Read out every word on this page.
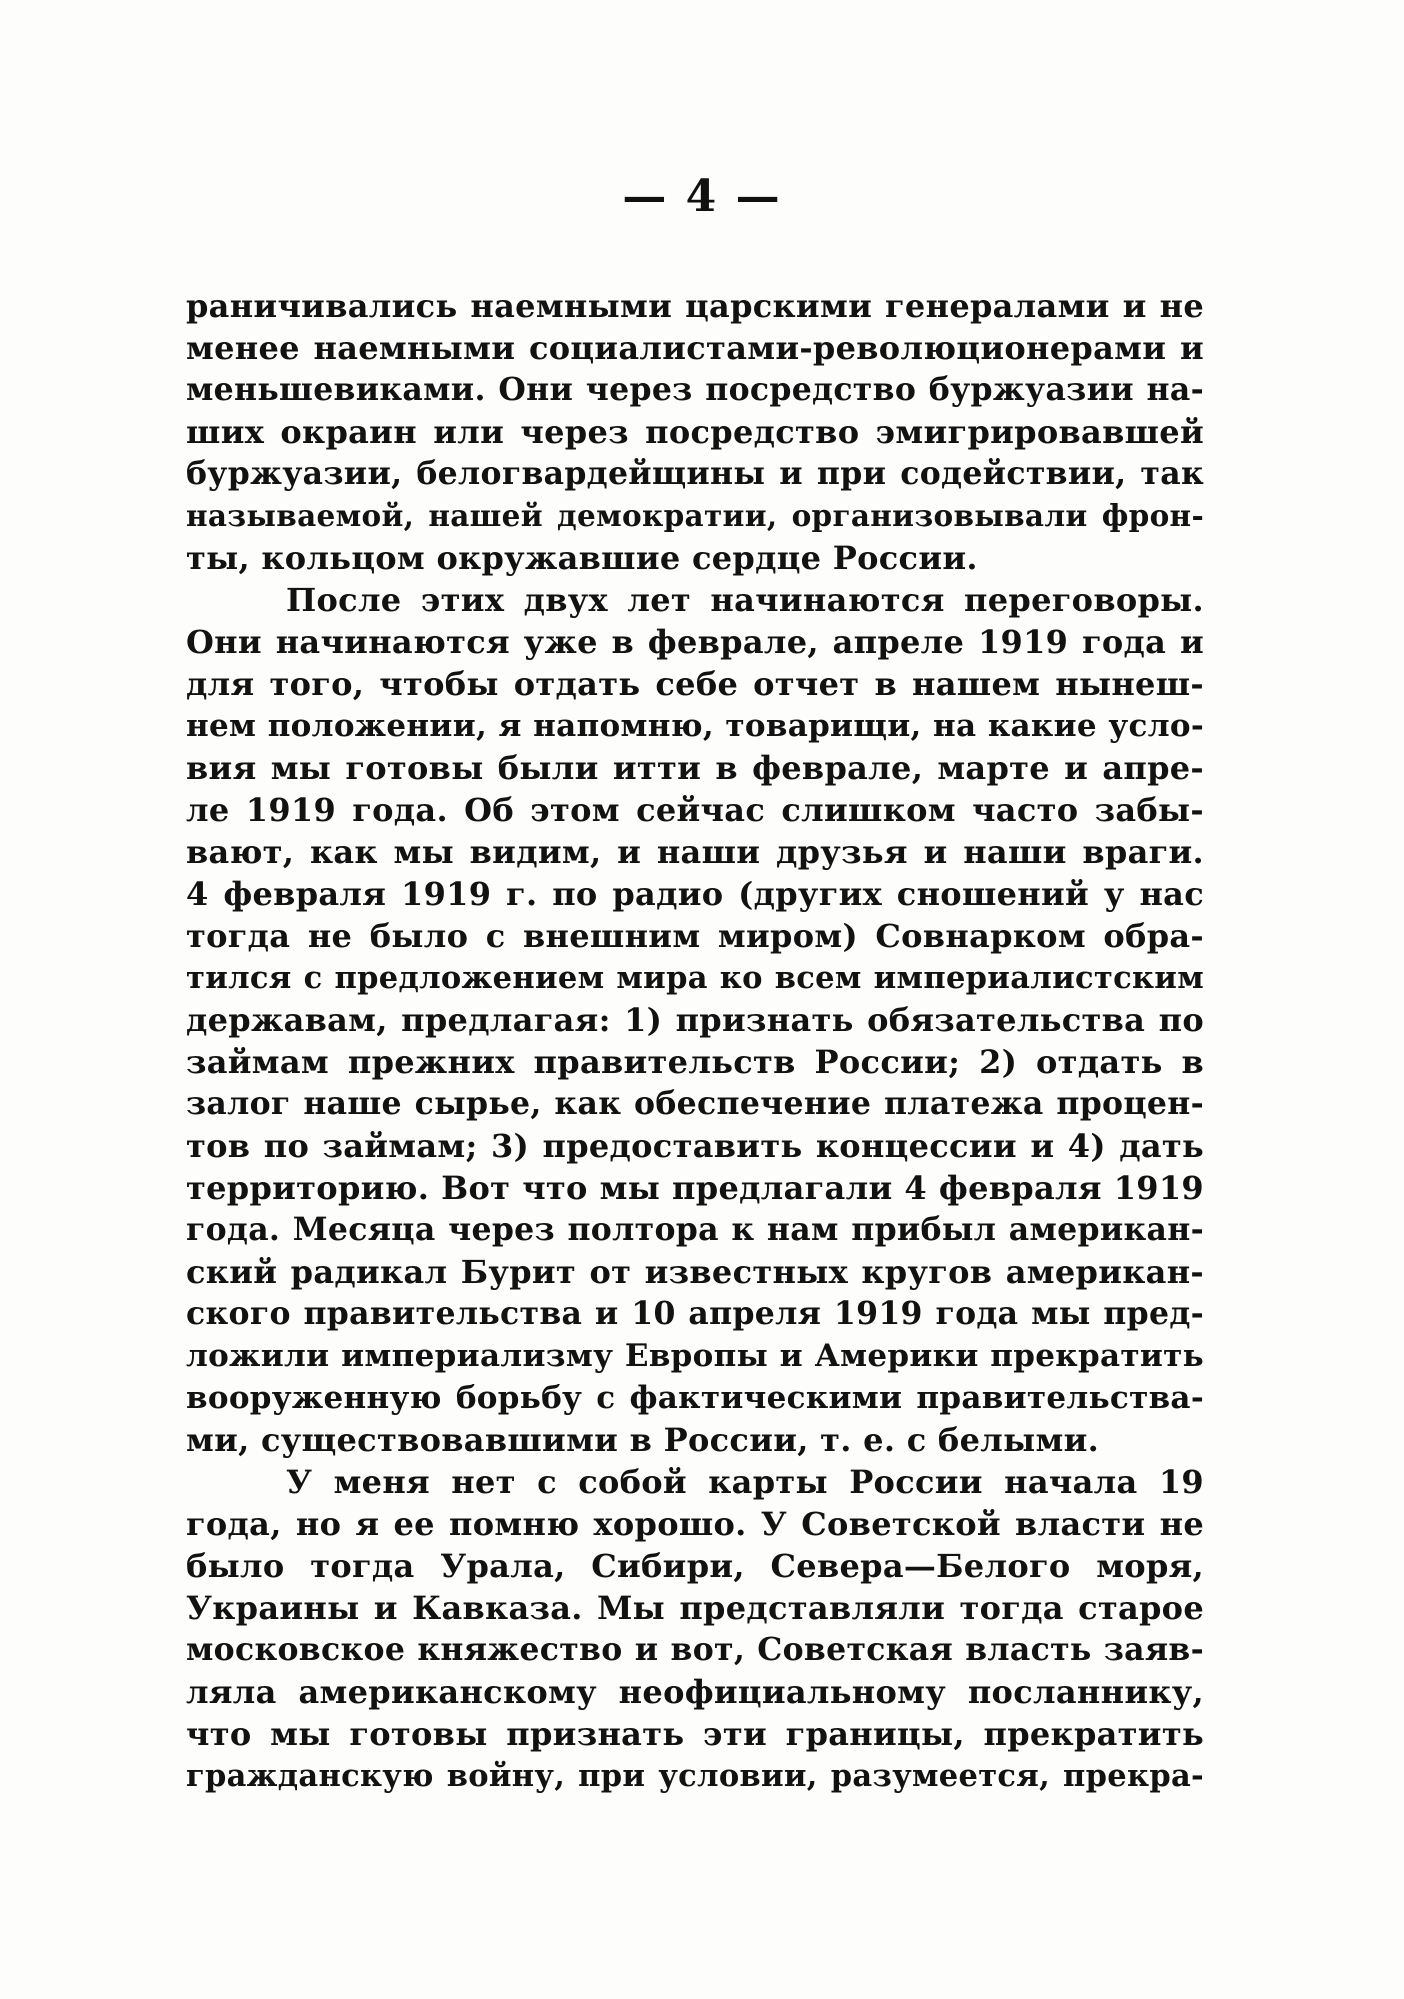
— 4 —
раничивались наемными царскими генералами и не
менее наемными социалистами-революционерами и
меньшевиками. Они через посредство буржуазии на-
ших окраин или через посредство эмигрировавшей
буржуазии, белогвардейщины и при содействии, так
называемой, нашей демократии, организовывали фрон-
ты, кольцом окружавшие сердце России.
После этих двух лет начинаются переговоры.
Они начинаются уже в феврале, апреле 1919 года и
для того, чтобы отдать себе отчет в нашем нынеш-
нем положении, я напомню, товарищи, на какие усло-
вия мы готовы были итти в феврале, марте и апре-
ле 1919 года. Об этом сейчас слишком часто забы-
вают, как мы видим, и наши друзья и наши враги.
4 февраля 1919 г. по радио (других сношений у нас
тогда не было с внешним миром) Совнарком обра-
тился с предложением мира ко всем империалистским
державам, предлагая: 1) признать обязательства по
займам прежних правительств России; 2) отдать в
залог наше сырье, как обеспечение платежа процен-
тов по займам; 3) предоставить концессии и 4) дать
территорию. Вот что мы предлагали 4 февраля 1919
года. Месяца через полтора к нам прибыл американ-
ский радикал Бурит от известных кругов американ-
ского правительства и 10 апреля 1919 года мы пред-
ложили империализму Европы и Америки прекратить
вооруженную борьбу с фактическими правительства-
ми, существовавшими в России, т. е. с белыми.
У меня нет с собой карты России начала 19
года, но я ее помню хорошо. У Советской власти не
было тогда Урала, Сибири, Севера—Белого моря,
Украины и Кавказа. Мы представляли тогда старое
московское княжество и вот, Советская власть заяв-
ляла американскому неофициальному посланнику,
что мы готовы признать эти границы, прекратить
гражданскую войну, при условии, разумеется, прекра-
